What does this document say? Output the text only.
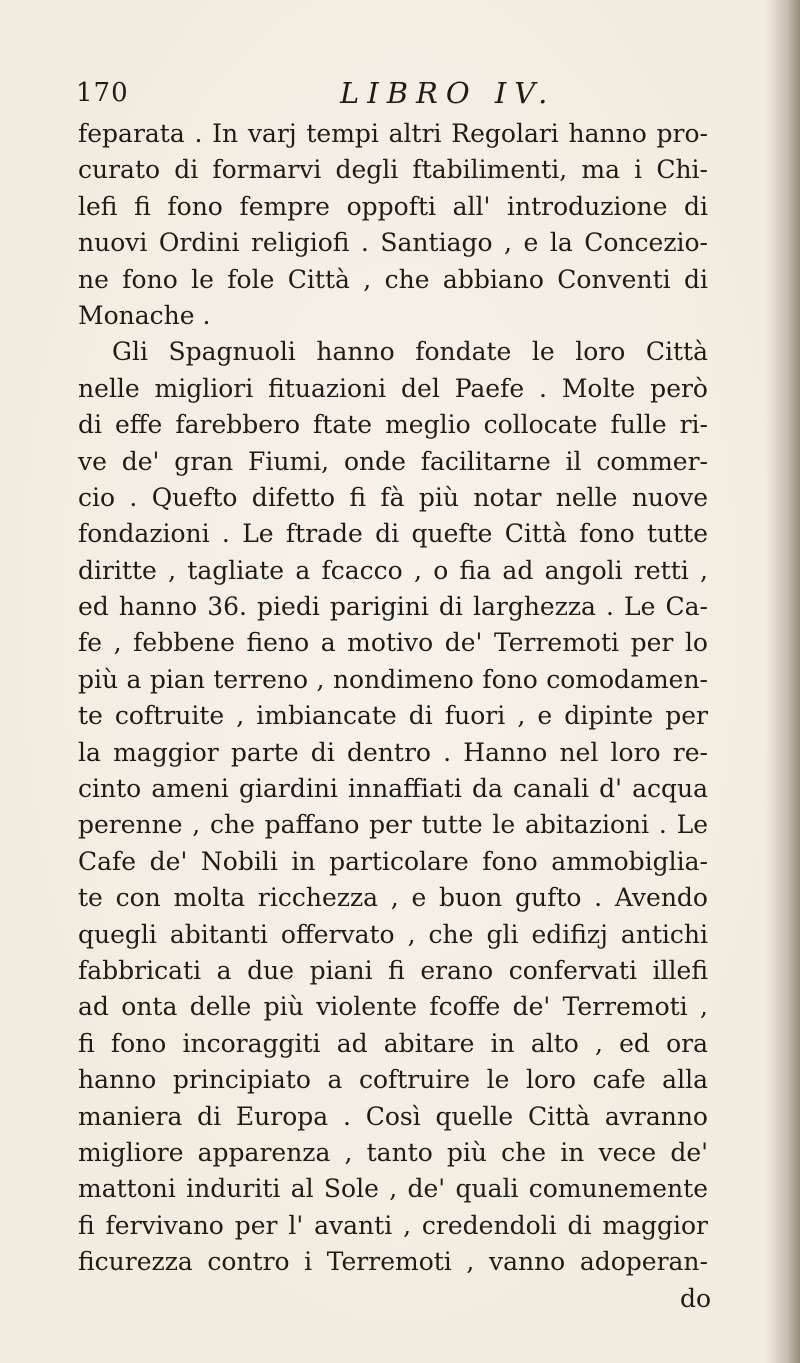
170	LIBRO IV.
feparata . In varj tempi altri Regolari hanno pro-
curato di formarvi degli ftabilimenti, ma i Chi-
lefi fi fono fempre oppofti all' introduzione di
nuovi Ordini religiofi . Santiago , e la Concezio-
ne fono le fole Città , che abbiano Conventi di
Monache .
Gli Spagnuoli hanno fondate le loro Città
nelle migliori fituazioni del Paefe . Molte però
di effe farebbero ftate meglio collocate fulle ri-
ve de' gran Fiumi, onde facilitarne il commer-
cio . Quefto difetto fi fà più notar nelle nuove
fondazioni . Le ftrade di quefte Città fono tutte
diritte , tagliate a fcacco , o fia ad angoli retti ,
ed hanno 36. piedi parigini di larghezza . Le Ca-
fe , febbene fieno a motivo de' Terremoti per lo
più a pian terreno , nondimeno fono comodamen-
te coftruite , imbiancate di fuori , e dipinte per
la maggior parte di dentro . Hanno nel loro re-
cinto ameni giardini innaffiati da canali d' acqua
perenne , che paffano per tutte le abitazioni . Le
Cafe de' Nobili in particolare fono ammobiglia-
te con molta ricchezza , e buon gufto . Avendo
quegli abitanti offervato , che gli edifizj antichi
fabbricati a due piani fi erano confervati illefi
ad onta delle più violente fcoffe de' Terremoti ,
fi fono incoraggiti ad abitare in alto , ed ora
hanno principiato a coftruire le loro cafe alla
maniera di Europa . Così quelle Città avranno
migliore apparenza , tanto più che in vece de'
mattoni induriti al Sole , de' quali comunemente
fi fervivano per l' avanti , credendoli di maggior
ficurezza contro i Terremoti , vanno adoperan-
do
